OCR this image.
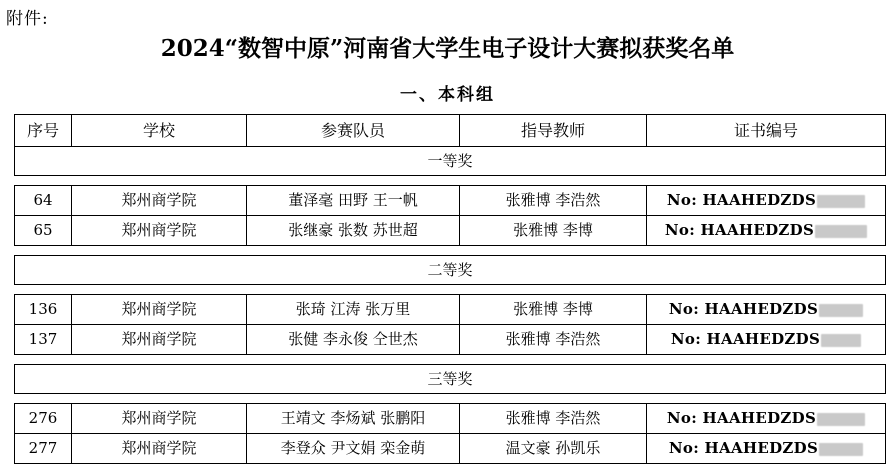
附件:
2024“数智中原”河南省大学生电子设计大赛拟获奖名单
一、本科组
序号	学校	参赛队员	指导教师	证书编号
一等奖				

64	郑州商学院	董泽毫 田野 王一帆	张雅博 李浩然	No: HAAHEDZDS
65	郑州商学院	张继豪 张数 苏世超	张雅博 李博	No: HAAHEDZDS

二等奖				

136	郑州商学院	张琦 江涛 张万里	张雅博 李博	No: HAAHEDZDS
137	郑州商学院	张健 李永俊 仝世杰	张雅博 李浩然	No: HAAHEDZDS

三等奖				

276	郑州商学院	王靖文 李炀斌 张鹏阳	张雅博 李浩然	No: HAAHEDZDS
277	郑州商学院	李登众 尹文娟 栾金萌	温文豪 孙凯乐	No: HAAHEDZDS
